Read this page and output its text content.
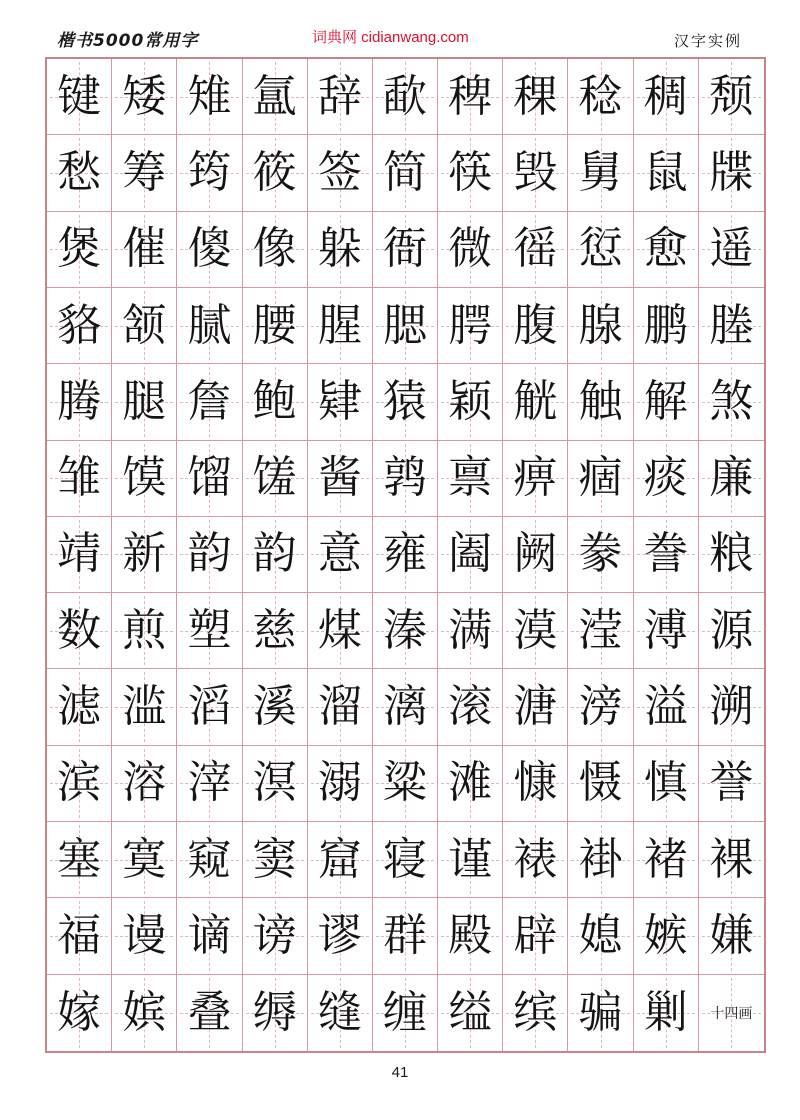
楷书5000常用字	词典网 cidianwang.com	汉字实例
键 矮 雉 氲 辞 歃 稗 稞 稔 稠 颓
愁 筹 筠 筱 签 简 筷 毁 舅 鼠 牒
煲 催 傻 像 躲 衙 微 徭 愆 愈 遥
貉 颔 腻 腰 腥 腮 腭 腹 腺 鹏 塍
腾 腿 詹 鲍 肄 猿 颖 觥 触 解 煞
雏 馍 馏 馐 酱 鹑 禀 痹 痼 痰 廉
靖 新 韵 韵 意 雍 阖 阙 豢 誊 粮
数 煎 塑 慈 煤 溱 满 漠 滢 溥 源
滤 滥 滔 溪 溜 漓 滚 溏 滂 溢 溯
滨 溶 滓 溟 溺 粱 滩 慷 慑 慎 誉
塞 寞 窥 窦 窟 寝 谨 裱 褂 褚 裸
福 谩 谪 谤 谬 群 殿 辟 媳 嫉 嫌
嫁 嫔 叠 缛 缝 缠 缢 缤 骗 剿 十四画
41
